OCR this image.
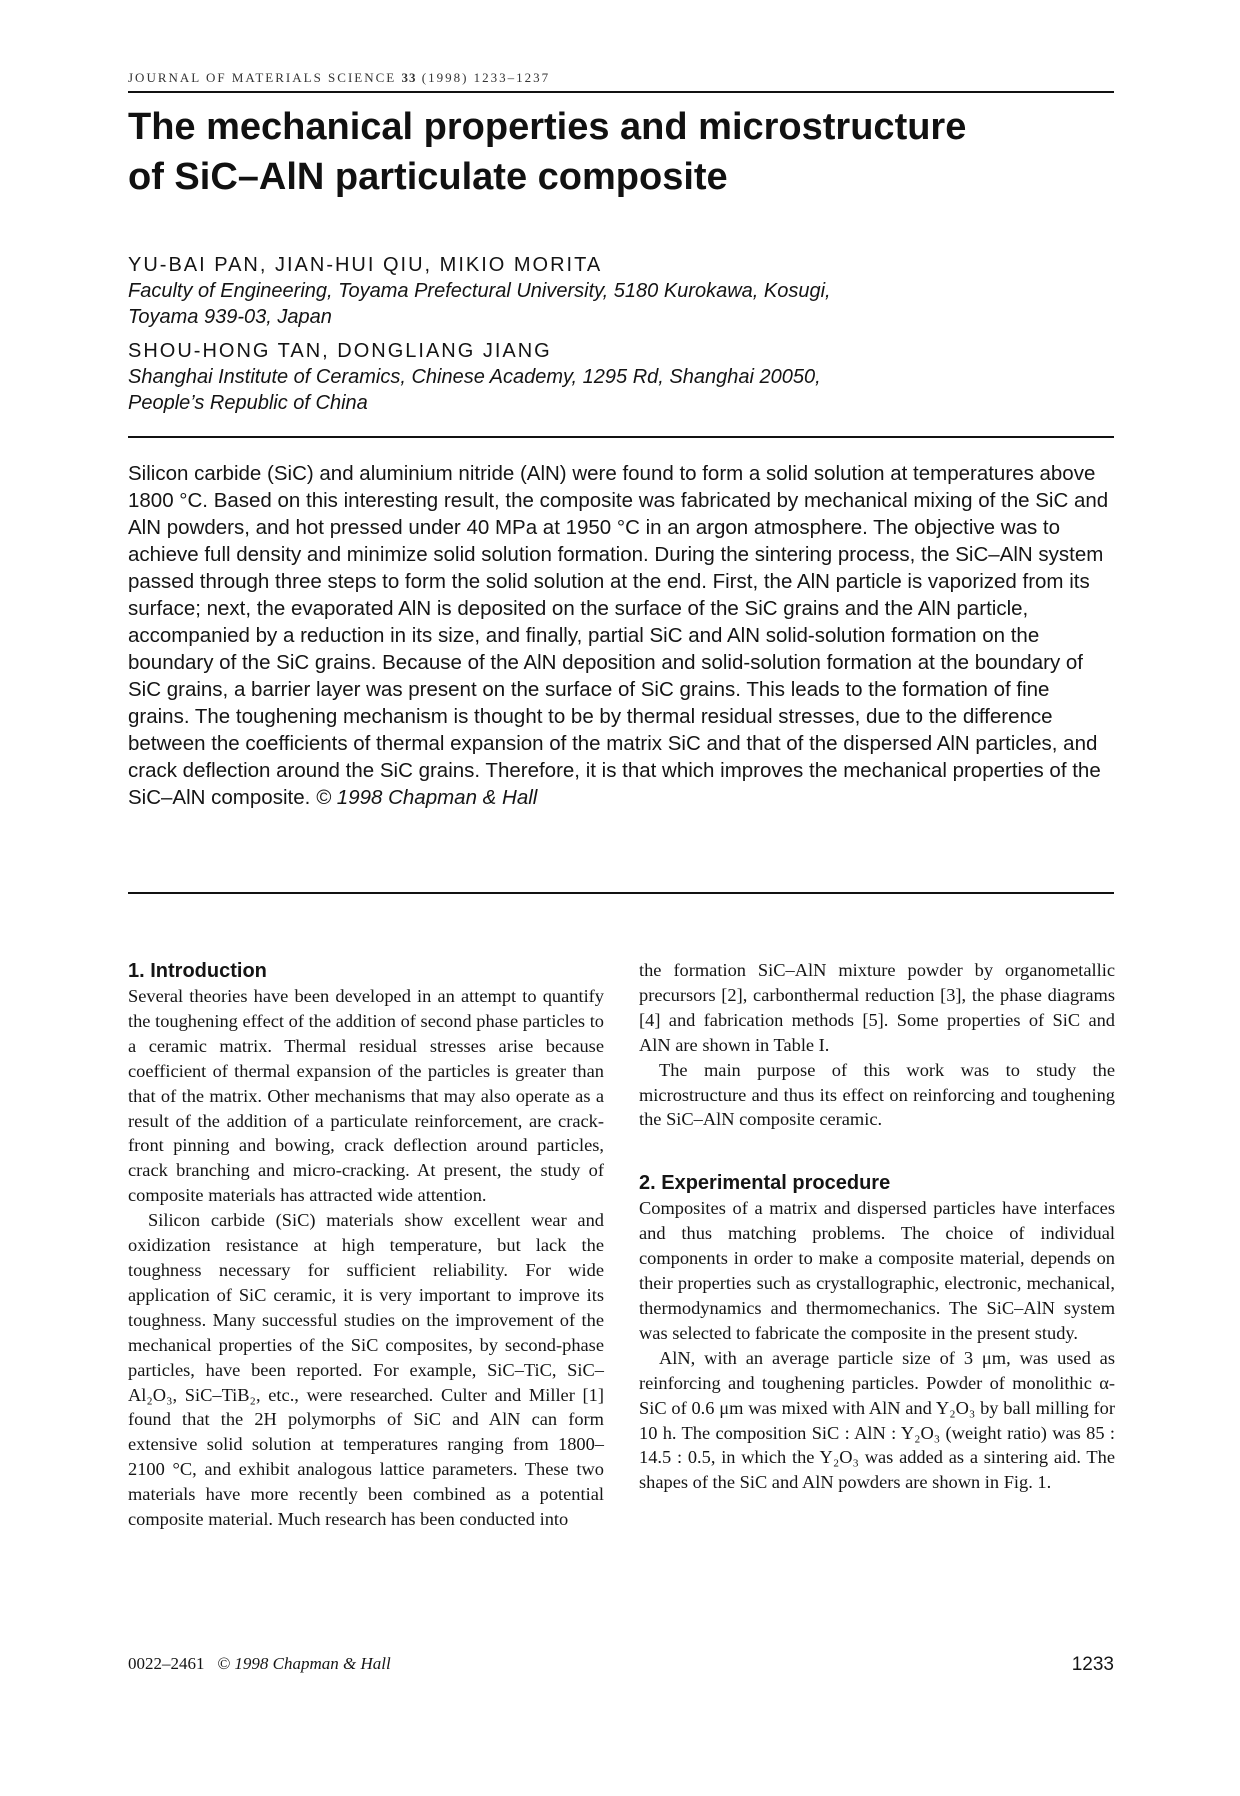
JOURNAL OF MATERIALS SCIENCE 33 (1998) 1233–1237
The mechanical properties and microstructure
of SiC–AlN particulate composite
YU-BAI PAN, JIAN-HUI QIU, MIKIO MORITA
Faculty of Engineering, Toyama Prefectural University, 5180 Kurokawa, Kosugi,
Toyama 939-03, Japan
SHOU-HONG TAN, DONGLIANG JIANG
Shanghai Institute of Ceramics, Chinese Academy, 1295 Rd, Shanghai 20050,
People’s Republic of China

Silicon carbide (SiC) and aluminium nitride (AlN) were found to form a solid solution at temperatures above 1800 °C. Based on this interesting result, the composite was fabricated by mechanical mixing of the SiC and AlN powders, and hot pressed under 40 MPa at 1950 °C in an argon atmosphere. The objective was to achieve full density and minimize solid solution formation. During the sintering process, the SiC–AlN system passed through three steps to form the solid solution at the end. First, the AlN particle is vaporized from its surface; next, the evaporated AlN is deposited on the surface of the SiC grains and the AlN particle, accompanied by a reduction in its size, and finally, partial SiC and AlN solid-solution formation on the boundary of the SiC grains. Because of the AlN deposition and solid-solution formation at the boundary of SiC grains, a barrier layer was present on the surface of SiC grains. This leads to the formation of fine grains. The toughening mechanism is thought to be by thermal residual stresses, due to the difference between the coefficients of thermal expansion of the matrix SiC and that of the dispersed AlN particles, and crack deflection around the SiC grains. Therefore, it is that which improves the mechanical properties of the SiC–AlN composite. © 1998 Chapman & Hall

1. Introduction

Several theories have been developed in an attempt to quantify the toughening effect of the addition of second phase particles to a ceramic matrix. Thermal residual stresses arise because coefficient of thermal expansion of the particles is greater than that of the matrix. Other mechanisms that may also operate as a result of the addition of a particulate reinforcement, are crack-front pinning and bowing, crack deflection around particles, crack branching and micro-cracking. At present, the study of composite materials has attracted wide attention.

Silicon carbide (SiC) materials show excellent wear and oxidization resistance at high temperature, but lack the toughness necessary for sufficient reliability. For wide application of SiC ceramic, it is very important to improve its toughness. Many successful studies on the improvement of the mechanical properties of the SiC composites, by second-phase particles, have been reported. For example, SiC–TiC, SiC–Al₂O₃, SiC–TiB₂, etc., were researched. Culter and Miller [1] found that the 2H polymorphs of SiC and AlN can form extensive solid solution at temperatures ranging from 1800–2100 °C, and exhibit analogous lattice parameters. These two materials have more recently been combined as a potential composite material. Much research has been conducted into

the formation SiC–AlN mixture powder by organometallic precursors [2], carbonthermal reduction [3], the phase diagrams [4] and fabrication methods [5]. Some properties of SiC and AlN are shown in Table I.

The main purpose of this work was to study the microstructure and thus its effect on reinforcing and toughening the SiC–AlN composite ceramic.

2. Experimental procedure

Composites of a matrix and dispersed particles have interfaces and thus matching problems. The choice of individual components in order to make a composite material, depends on their properties such as crystallographic, electronic, mechanical, thermodynamics and thermomechanics. The SiC–AlN system was selected to fabricate the composite in the present study.

AlN, with an average particle size of 3 μm, was used as reinforcing and toughening particles. Powder of monolithic α-SiC of 0.6 μm was mixed with AlN and Y₂O₃ by ball milling for 10 h. The composition SiC : AlN : Y₂O₃ (weight ratio) was 85 : 14.5 : 0.5, in which the Y₂O₃ was added as a sintering aid. The shapes of the SiC and AlN powders are shown in Fig. 1.

0022–2461 © 1998 Chapman & Hall	1233
